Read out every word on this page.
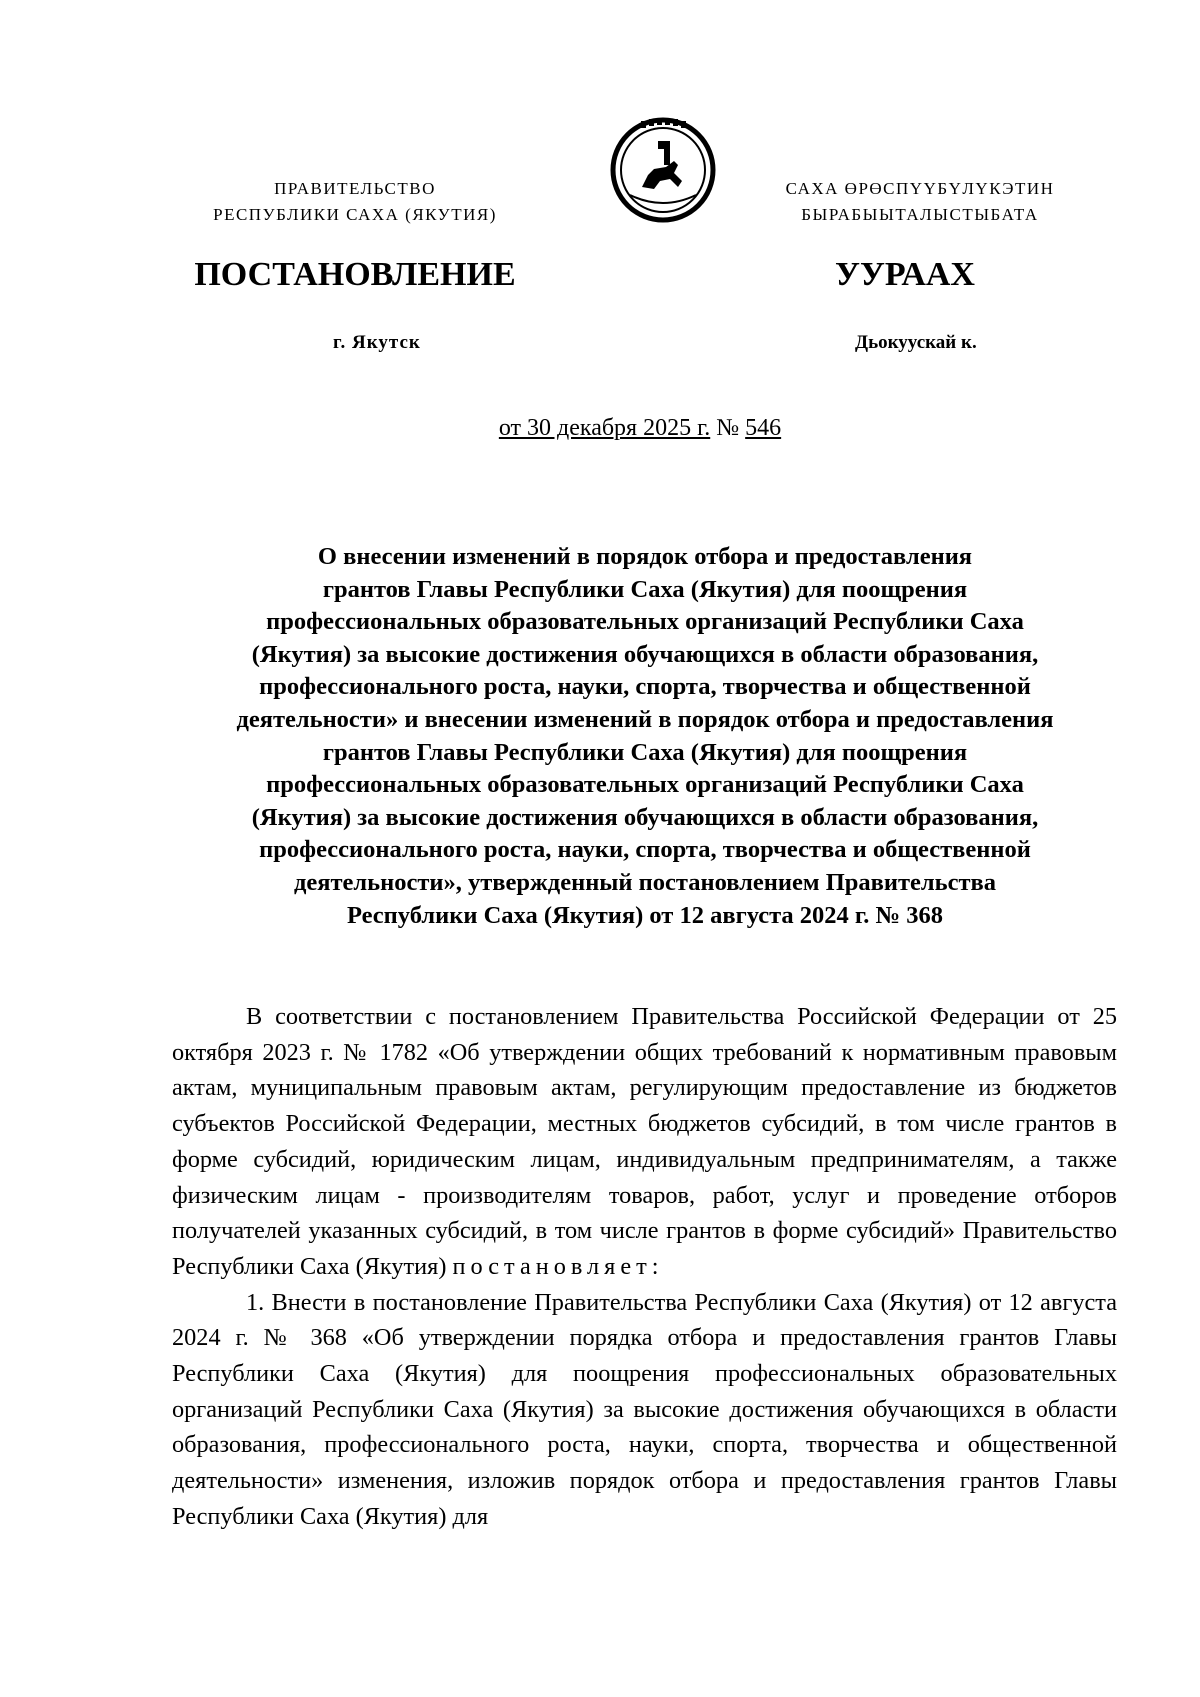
ПРАВИТЕЛЬСТВО
РЕСПУБЛИКИ САХА (ЯКУТИЯ)
САХА ӨРӨСПҮҮБҮЛҮКЭТИН
БЫРАБЫЫТАЛЫСТЫБАТА
ПОСТАНОВЛЕНИЕ	УУРААХ
г. Якутск	Дьокуускай к.
от 30 декабря 2025 г. № 546
О внесении изменений в порядок отбора и предоставления
грантов Главы Республики Саха (Якутия) для поощрения
профессиональных образовательных организаций Республики Саха
(Якутия) за высокие достижения обучающихся в области образования,
профессионального роста, науки, спорта, творчества и общественной
деятельности» и внесении изменений в порядок отбора и предоставления
грантов Главы Республики Саха (Якутия) для поощрения
профессиональных образовательных организаций Республики Саха
(Якутия) за высокие достижения обучающихся в области образования,
профессионального роста, науки, спорта, творчества и общественной
деятельности», утвержденный постановлением Правительства
Республики Саха (Якутия) от 12 августа 2024 г. № 368

В соответствии с постановлением Правительства Российской Федерации от 25 октября 2023 г. № 1782 «Об утверждении общих требований к нормативным правовым актам, муниципальным правовым актам, регулирующим предоставление из бюджетов субъектов Российской Федерации, местных бюджетов субсидий, в том числе грантов в форме субсидий, юридическим лицам, индивидуальным предпринимателям, а также физическим лицам - производителям товаров, работ, услуг и проведение отборов получателей указанных субсидий, в том числе грантов в форме субсидий» Правительство Республики Саха (Якутия) постановляет:

1. Внести в постановление Правительства Республики Саха (Якутия) от 12 августа 2024 г. № 368 «Об утверждении порядка отбора и предоставления грантов Главы Республики Саха (Якутия) для поощрения профессиональных образовательных организаций Республики Саха (Якутия) за высокие достижения обучающихся в области образования, профессионального роста, науки, спорта, творчества и общественной деятельности» изменения, изложив порядок отбора и предоставления грантов Главы Республики Саха (Якутия) для
